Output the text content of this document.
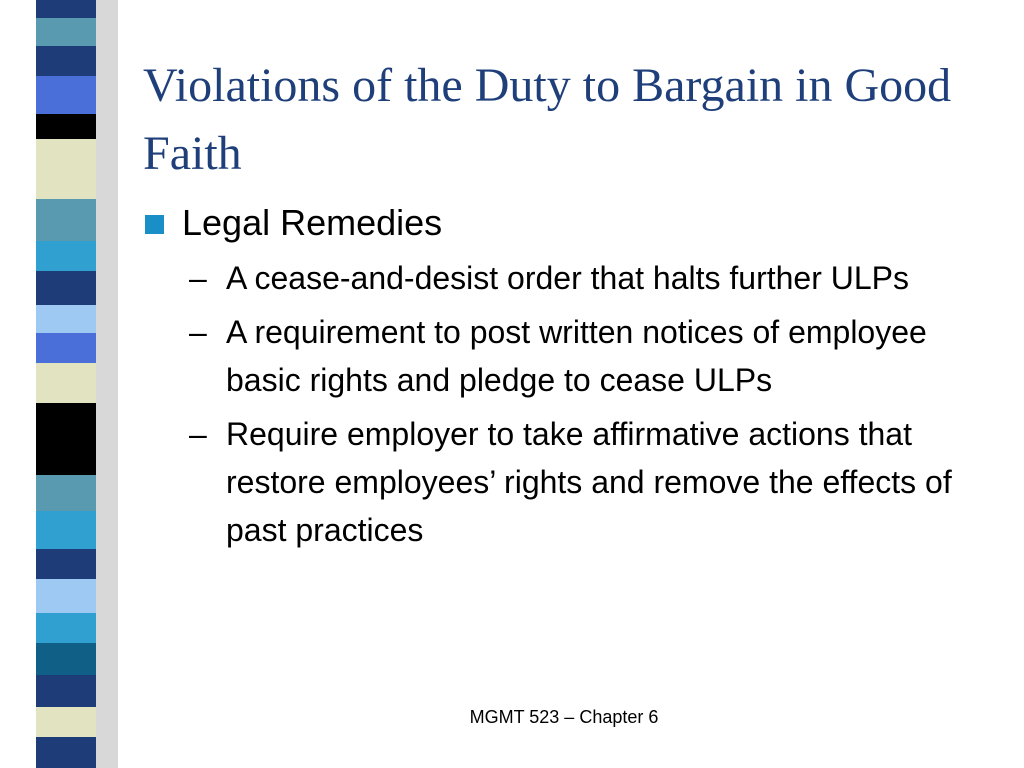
Violations of the Duty to Bargain in Good Faith
Legal Remedies
– A cease-and-desist order that halts further ULPs
– A requirement to post written notices of employee basic rights and pledge to cease ULPs
– Require employer to take affirmative actions that restore employees’ rights and remove the effects of past practices
MGMT 523 – Chapter 6
